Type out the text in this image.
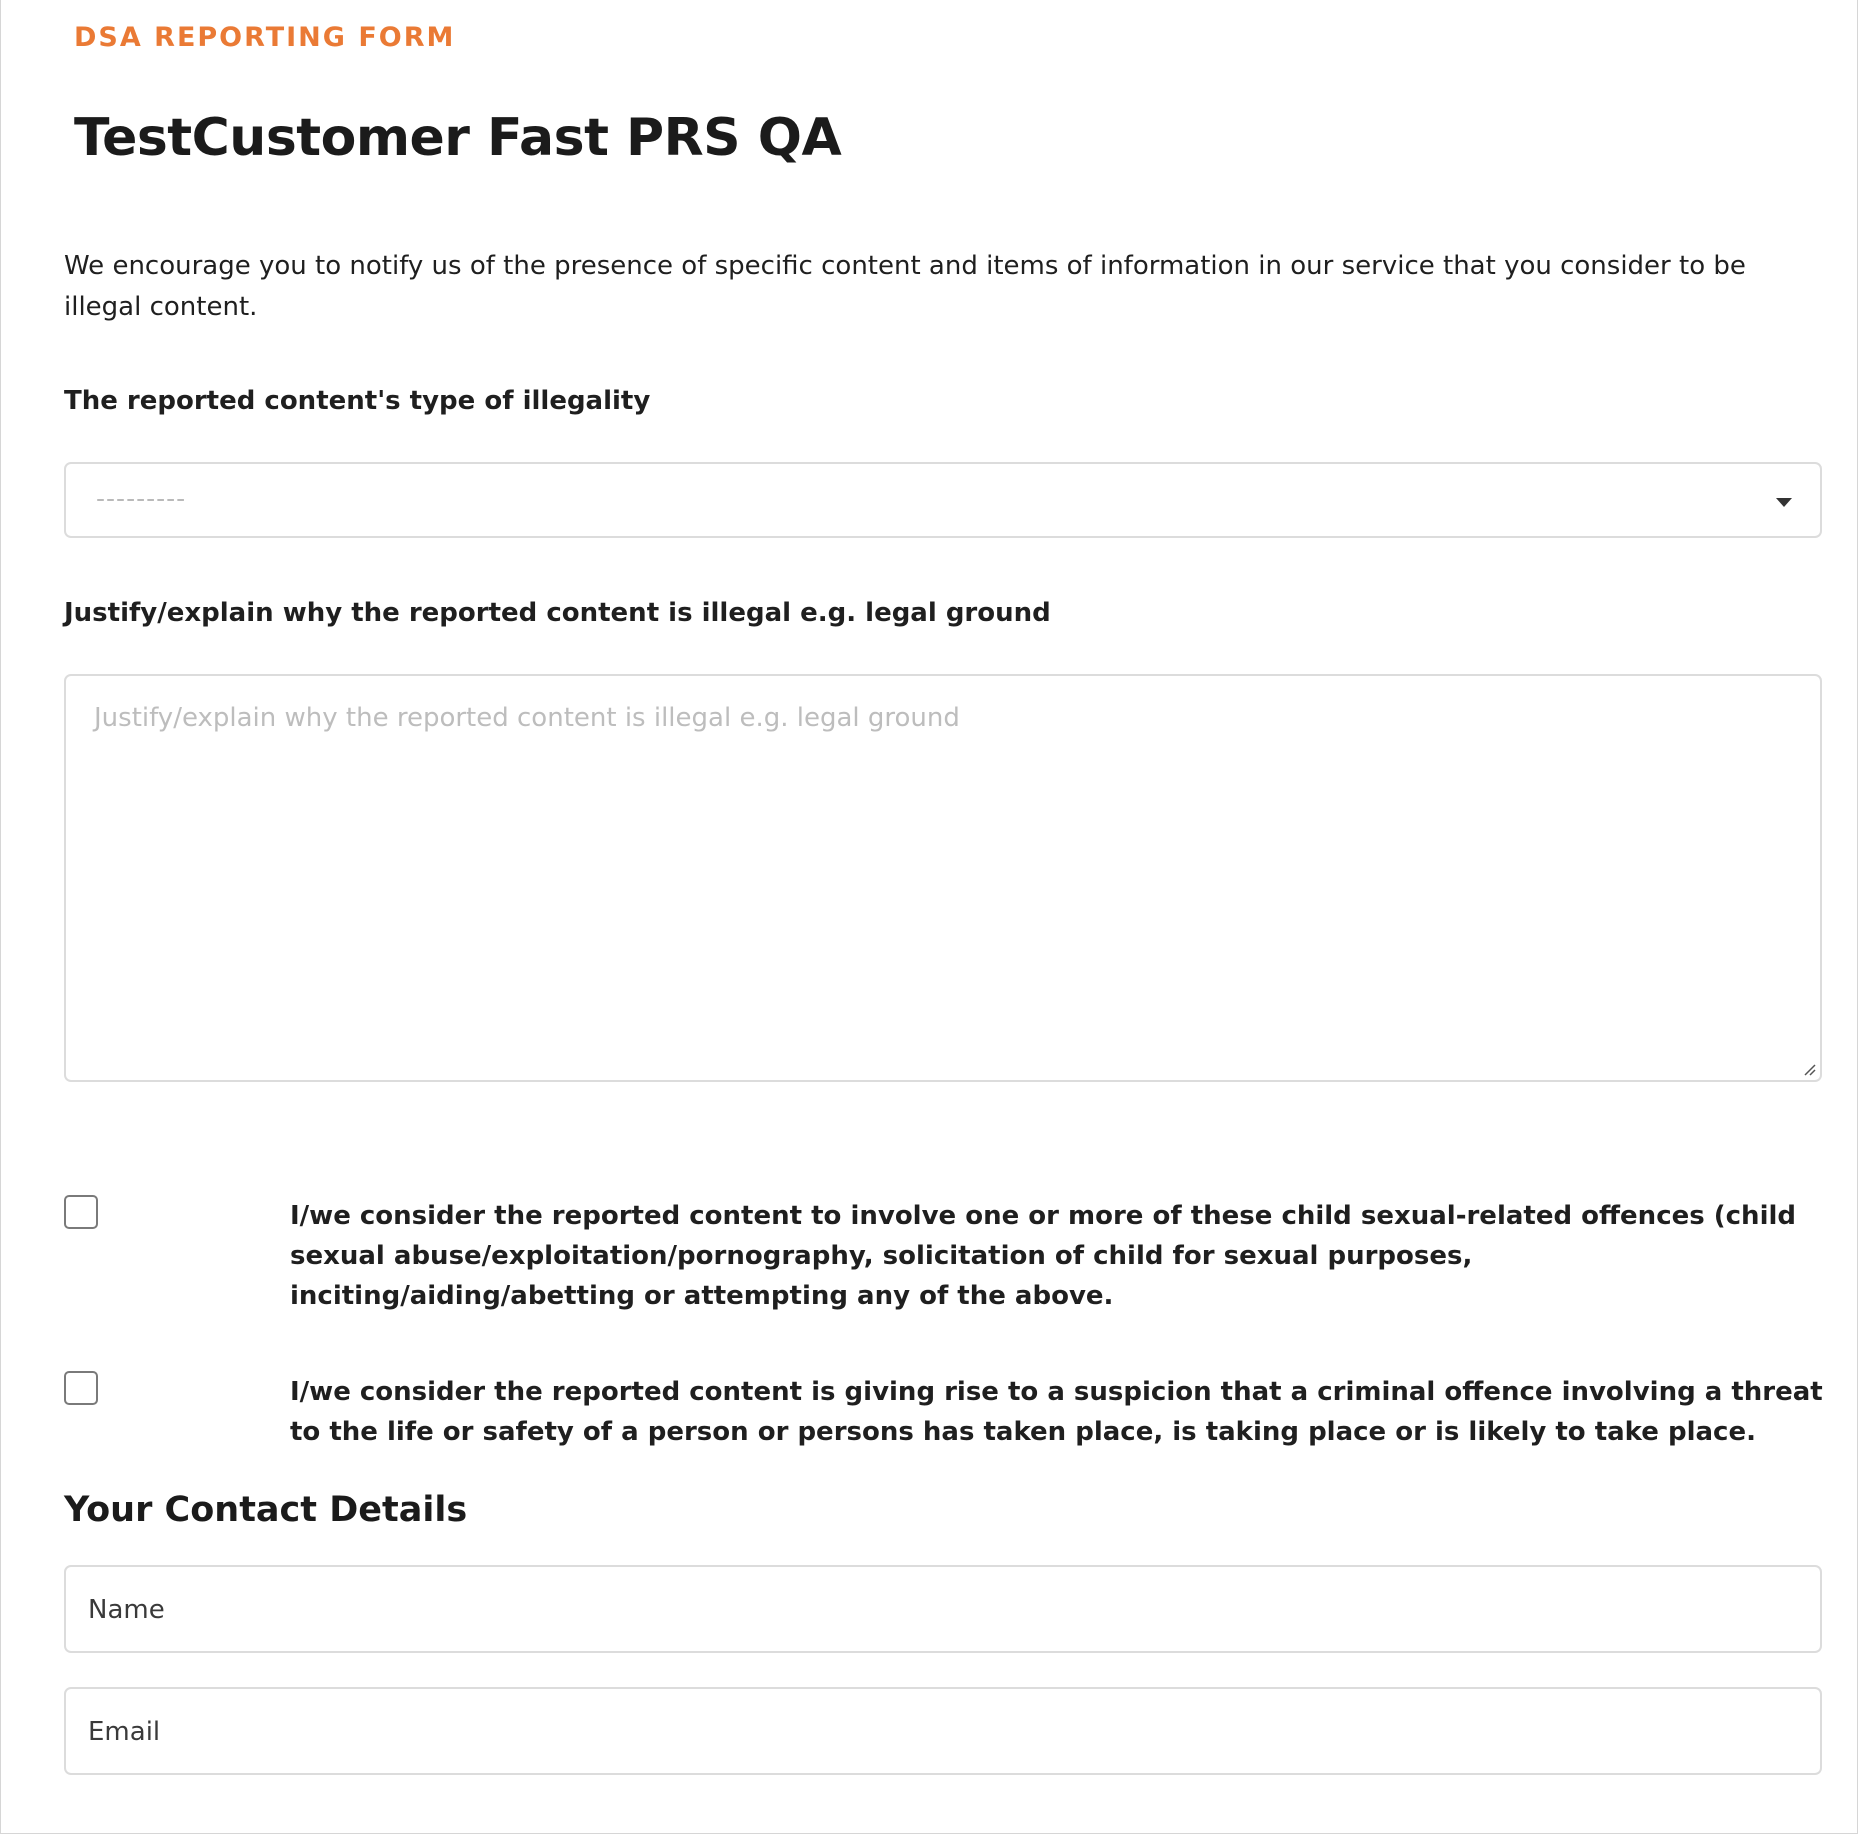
DSA REPORTING FORM
TestCustomer Fast PRS QA

We encourage you to notify us of the presence of specific content and items of information in our service that you consider to be illegal content.

The reported content's type of illegality
---------
Justify/explain why the reported content is illegal e.g. legal ground
Justify/explain why the reported content is illegal e.g. legal ground

I/we consider the reported content to involve one or more of these child sexual-related offences (child sexual abuse/exploitation/pornography, solicitation of child for sexual purposes, inciting/aiding/abetting or attempting any of the above.

I/we consider the reported content is giving rise to a suspicion that a criminal offence involving a threat to the life or safety of a person or persons has taken place, is taking place or is likely to take place.

Your Contact Details
Name
Email
